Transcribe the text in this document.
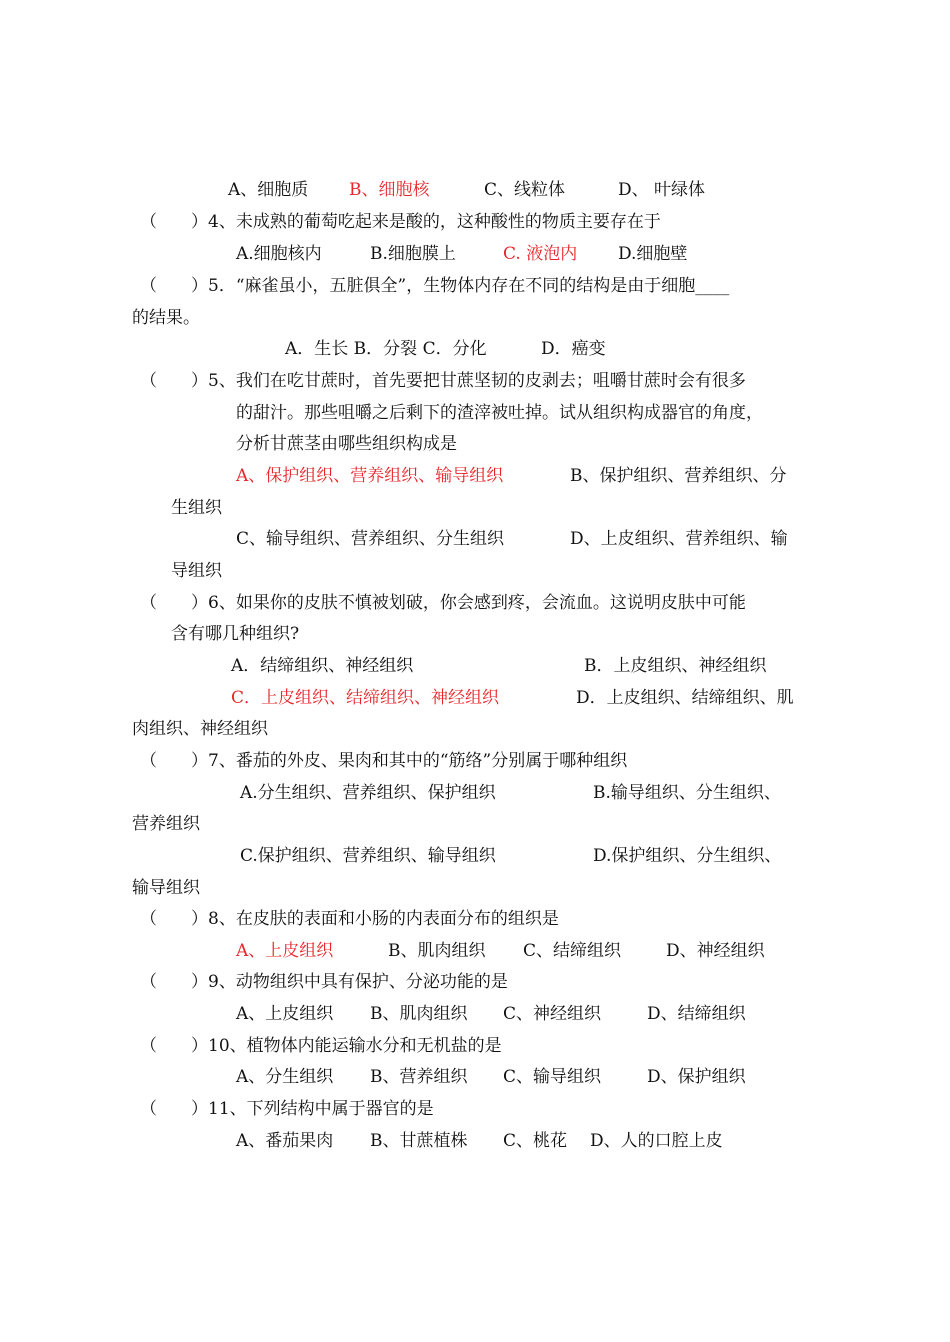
A、细胞质 B、细胞核	C、线粒体	D、 叶绿体
（　　）4、未成熟的葡萄吃起来是酸的，这种酸性的物质主要存在于
A.细胞核内	B.细胞膜上	C. 液泡内 D.细胞壁
（　　）5．“麻雀虽小，五脏俱全”，生物体内存在不同的结构是由于细胞____
的结果。
A．生长 B．分裂 C．分化	D．癌变
（　　）5、我们在吃甘蔗时，首先要把甘蔗坚韧的皮剥去；咀嚼甘蔗时会有很多
的甜汁。那些咀嚼之后剩下的渣滓被吐掉。试从组织构成器官的角度，
分析甘蔗茎由哪些组织构成是
A、保护组织、营养组织、输导组织	B、保护组织、营养组织、分
生组织
C、输导组织、营养组织、分生组织	D、上皮组织、营养组织、输
导组织
（　　）6、如果你的皮肤不慎被划破，你会感到疼，会流血。这说明皮肤中可能
含有哪几种组织?
A．结缔组织、神经组织	B．上皮组织、神经组织
C．上皮组织、结缔组织、神经组织	D．上皮组织、结缔组织、肌
肉组织、神经组织
（　　）7、番茄的外皮、果肉和其中的“筋络”分别属于哪种组织
A.分生组织、营养组织、保护组织	B.输导组织、分生组织、
营养组织
C.保护组织、营养组织、输导组织	D.保护组织、分生组织、
输导组织
（　　）8、在皮肤的表面和小肠的内表面分布的组织是
A、上皮组织	B、肌肉组织 C、结缔组织	D、神经组织
（　　）9、动物组织中具有保护、分泌功能的是
A、上皮组织 B、肌肉组织 C、神经组织	D、结缔组织
（　　）10、植物体内能运输水分和无机盐的是
A、分生组织 B、营养组织 C、输导组织	D、保护组织
（　　）11、下列结构中属于器官的是
A、番茄果肉 B、甘蔗植株 C、桃花 D、人的口腔上皮
